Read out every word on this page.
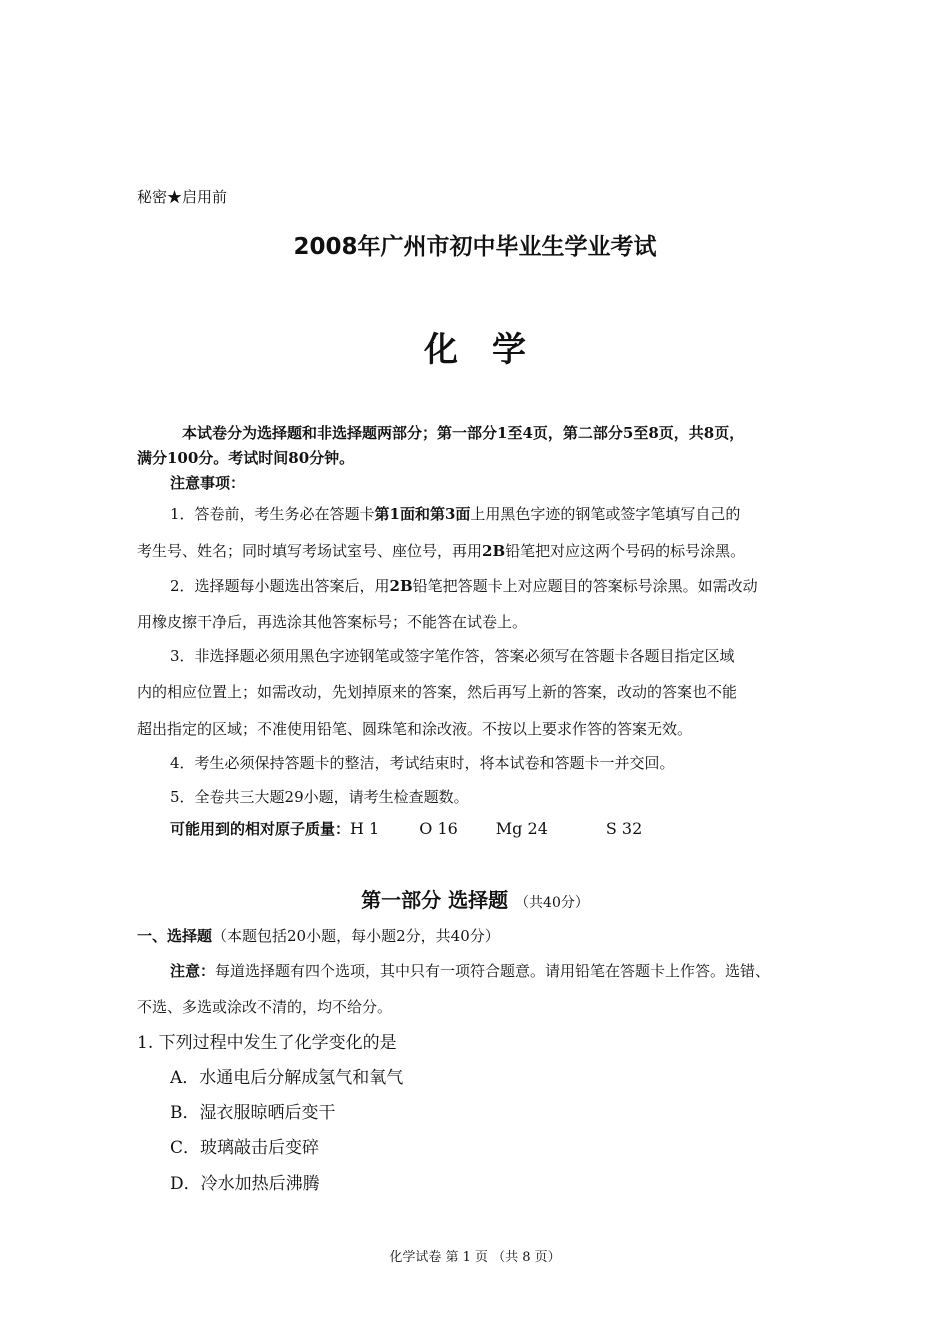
秘密★启用前
2008年广州市初中毕业生学业考试
化学
本试卷分为选择题和非选择题两部分；第一部分1至4页，第二部分5至8页，共8页，
满分100分。考试时间80分钟。
注意事项：
1．答卷前，考生务必在答题卡第1面和第3面上用黑色字迹的钢笔或签字笔填写自己的
考生号、姓名；同时填写考场试室号、座位号，再用2B铅笔把对应这两个号码的标号涂黑。
2．选择题每小题选出答案后，用2B铅笔把答题卡上对应题目的答案标号涂黑。如需改动
用橡皮擦干净后，再选涂其他答案标号；不能答在试卷上。
3．非选择题必须用黑色字迹钢笔或签字笔作答，答案必须写在答题卡各题目指定区域
内的相应位置上；如需改动，先划掉原来的答案，然后再写上新的答案，改动的答案也不能
超出指定的区域；不准使用铅笔、圆珠笔和涂改液。不按以上要求作答的答案无效。
4．考生必须保持答题卡的整洁，考试结束时，将本试卷和答题卡一并交回。
5．全卷共三大题29小题，请考生检查题数。
可能用到的相对原子质量：H 1	O 16 Mg 24	S 32
第一部分 选择题 （共40分）
一、选择题（本题包括20小题，每小题2分，共40分）
注意：每道选择题有四个选项，其中只有一项符合题意。请用铅笔在答题卡上作答。选错、
不选、多选或涂改不清的，均不给分。
1. 下列过程中发生了化学变化的是
A．水通电后分解成氢气和氧气
B．湿衣服晾晒后变干
C．玻璃敲击后变碎
D．冷水加热后沸腾
化学试卷 第 1 页 （共 8 页）
